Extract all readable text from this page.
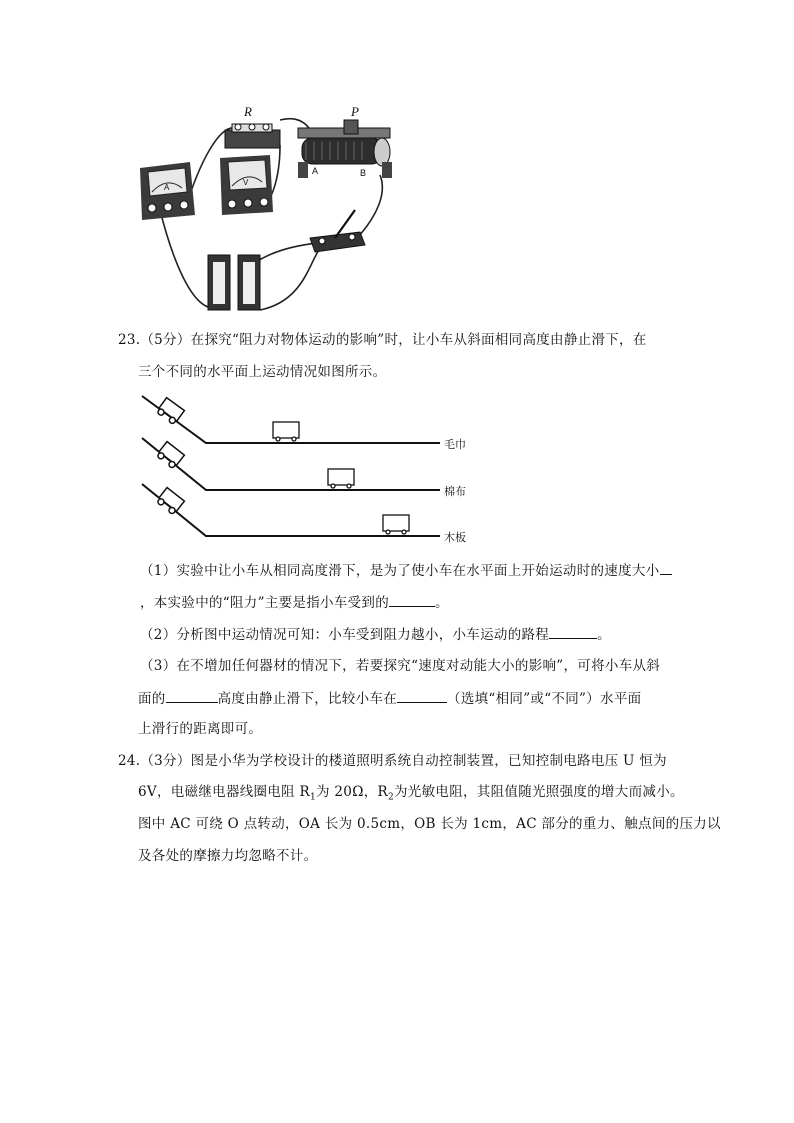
A
V
R	P
A	B
23.（5分）在探究“阻力对物体运动的影响”时，让小车从斜面相同高度由静止滑下，在
三个不同的水平面上运动情况如图所示。
毛巾
棉布
木板
（1）实验中让小车从相同高度滑下，是为了使小车在水平面上开始运动时的速度大小
，本实验中的“阻力”主要是指小车受到的	。
（2）分析图中运动情况可知：小车受到阻力越小，小车运动的路程	。
（3）在不增加任何器材的情况下，若要探究“速度对动能大小的影响”，可将小车从斜
面的	高度由静止滑下，比较小车在	（选填“相同”或“不同”）水平面
上滑行的距离即可。
24.（3分）图是小华为学校设计的楼道照明系统自动控制装置，已知控制电路电压 U 恒为
6V，电磁继电器线圈电阻 $R_1$为 20Ω，$R_2$为光敏电阻，其阻值随光照强度的增大而减小。
图中 AC 可绕 O 点转动，OA 长为 0.5cm，OB 长为 1cm，AC 部分的重力、触点间的压力以
及各处的摩擦力均忽略不计。
